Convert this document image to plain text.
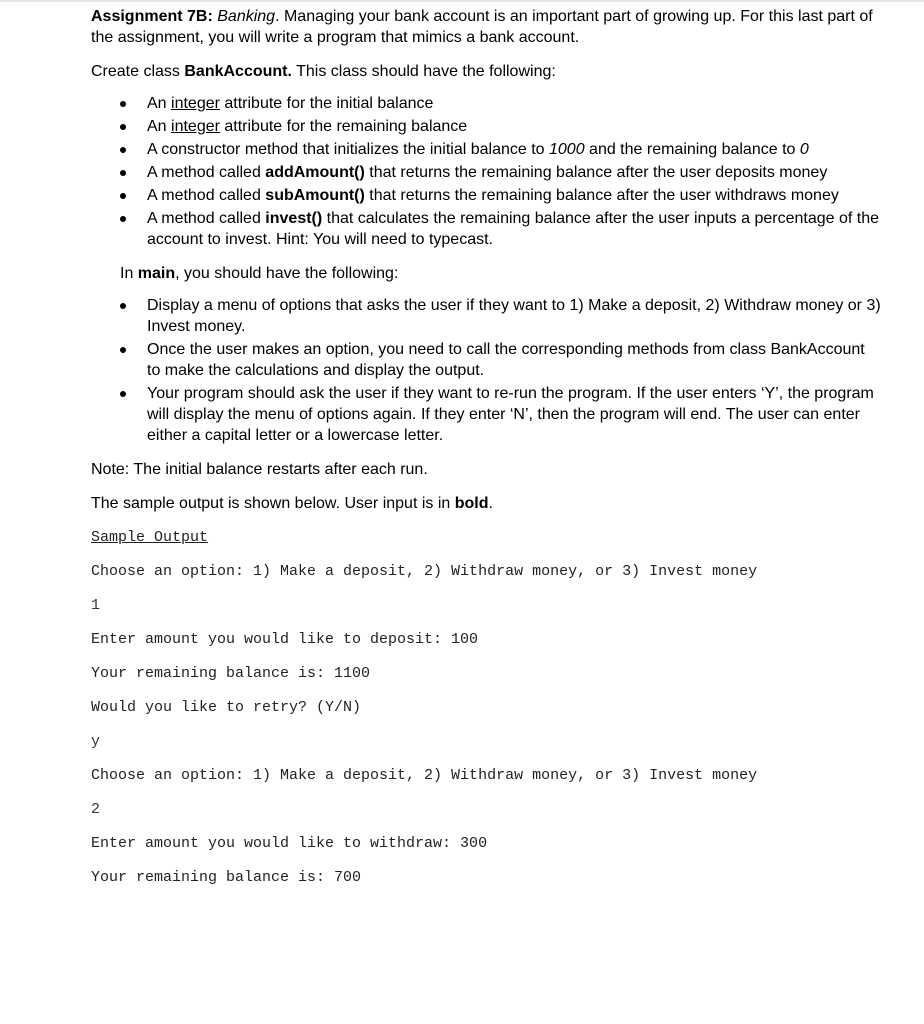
Assignment 7B: Banking. Managing your bank account is an important part of growing up. For this last part of the assignment, you will write a program that mimics a bank account.

Create class BankAccount. This class should have the following:

An integer attribute for the initial balance
An integer attribute for the remaining balance
A constructor method that initializes the initial balance to 1000 and the remaining balance to 0
A method called addAmount() that returns the remaining balance after the user deposits money
A method called subAmount() that returns the remaining balance after the user withdraws money
A method called invest() that calculates the remaining balance after the user inputs a percentage of the account to invest. Hint: You will need to typecast.

In main, you should have the following:

Display a menu of options that asks the user if they want to 1) Make a deposit, 2) Withdraw money or 3) Invest money.
Once the user makes an option, you need to call the corresponding methods from class BankAccount to make the calculations and display the output.
Your program should ask the user if they want to re-run the program. If the user enters ‘Y’, the program will display the menu of options again. If they enter ‘N’, then the program will end. The user can enter either a capital letter or a lowercase letter.

Note: The initial balance restarts after each run.

The sample output is shown below. User input is in bold.

Sample Output
Choose an option: 1) Make a deposit, 2) Withdraw money, or 3) Invest money
1
Enter amount you would like to deposit: 100
Your remaining balance is: 1100
Would you like to retry? (Y/N)
y
Choose an option: 1) Make a deposit, 2) Withdraw money, or 3) Invest money
2
Enter amount you would like to withdraw: 300
Your remaining balance is: 700
